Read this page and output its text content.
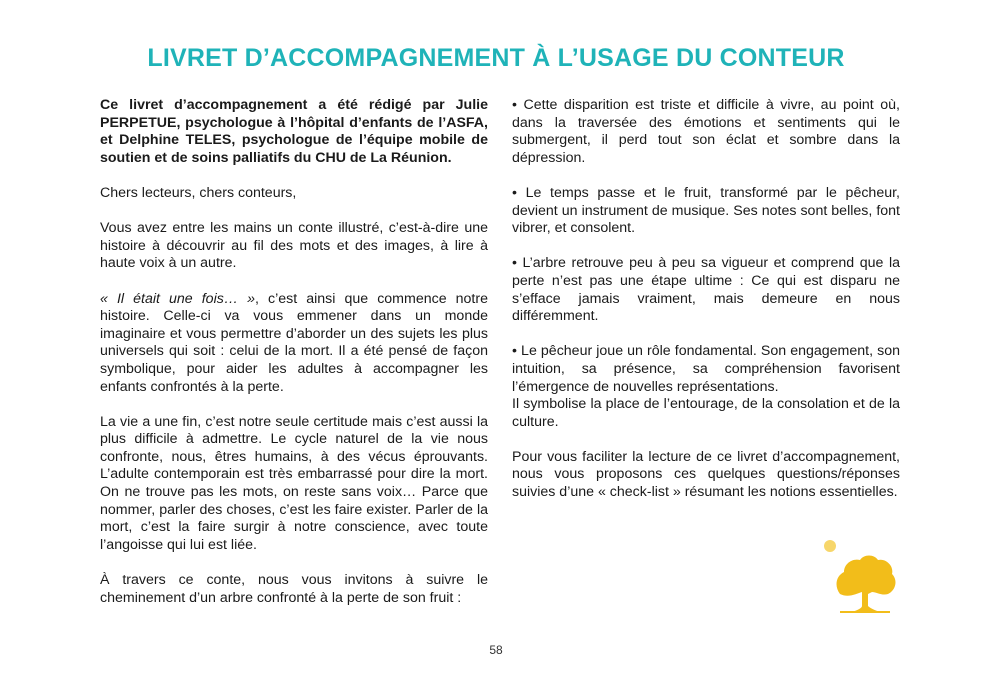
LIVRET D’ACCOMPAGNEMENT À L’USAGE DU CONTEUR

Ce livret d’accompagnement a été rédigé par Julie PERPETUE, psychologue à l’hôpital d’enfants de l’ASFA, et Delphine TELES, psychologue de l’équipe mobile de soutien et de soins palliatifs du CHU de La Réunion.

Chers lecteurs, chers conteurs,

Vous avez entre les mains un conte illustré, c’est-à-dire une histoire à découvrir au fil des mots et des images, à lire à haute voix à un autre.

« Il était une fois… », c’est ainsi que commence notre histoire. Celle-ci va vous emmener dans un monde imaginaire et vous permettre d’aborder un des sujets les plus universels qui soit : celui de la mort. Il a été pensé de façon symbolique, pour aider les adultes à accompagner les enfants confrontés à la perte.

La vie a une fin, c’est notre seule certitude mais c’est aussi la plus difficile à admettre. Le cycle naturel de la vie nous confronte, nous, êtres humains, à des vécus éprouvants. L’adulte contemporain est très embarrassé pour dire la mort. On ne trouve pas les mots, on reste sans voix… Parce que nommer, parler des choses, c’est les faire exister. Parler de la mort, c’est la faire surgir à notre conscience, avec toute l’angoisse qui lui est liée.

À travers ce conte, nous vous invitons à suivre le cheminement d’un arbre confronté à la perte de son fruit :

• Cette disparition est triste et difficile à vivre, au point où, dans la traversée des émotions et sentiments qui le submergent, il perd tout son éclat et sombre dans la dépression.

• Le temps passe et le fruit, transformé par le pêcheur, devient un instrument de musique. Ses notes sont belles, font vibrer, et consolent.

• L’arbre retrouve peu à peu sa vigueur et comprend que la perte n’est pas une étape ultime : Ce qui est disparu ne s’efface jamais vraiment, mais demeure en nous différemment.

• Le pêcheur joue un rôle fondamental. Son engagement, son intuition, sa présence, sa compréhension favorisent l’émergence de nouvelles représentations.

Il symbolise la place de l’entourage, de la consolation et de la culture.

Pour vous faciliter la lecture de ce livret d’accompagnement, nous vous proposons ces quelques questions/réponses suivies d’une « check-list » résumant les notions essentielles.

58
